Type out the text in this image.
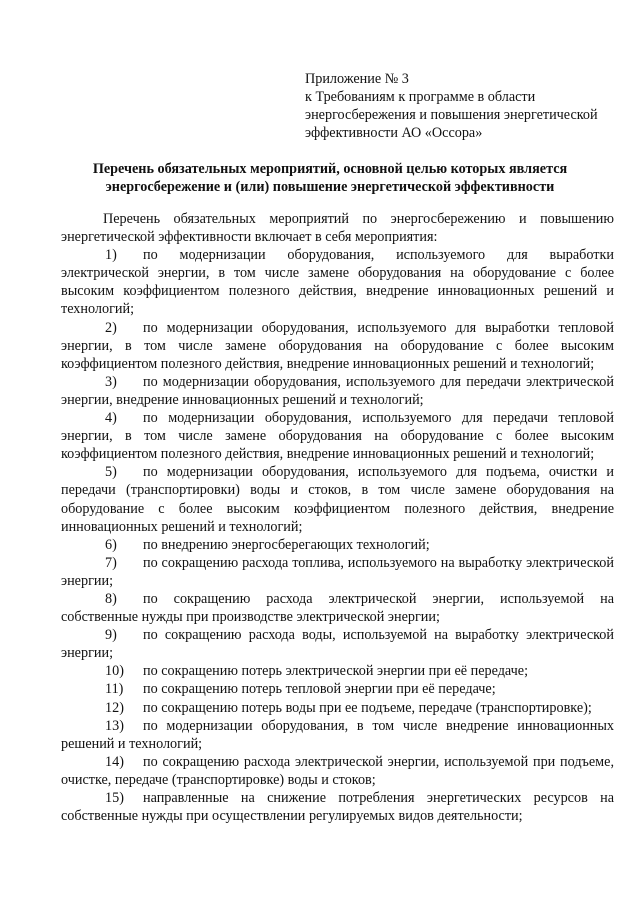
Приложение № 3
к Требованиям к программе в области
энергосбережения и повышения энергетической
эффективности АО «Оссора»
Перечень обязательных мероприятий, основной целью которых является
энергосбережение и (или) повышение энергетической эффективности

Перечень обязательных мероприятий по энергосбережению и повышению энергетической эффективности включает в себя мероприятия:

1) по модернизации оборудования, используемого для выработки электрической энергии, в том числе замене оборудования на оборудование с более высоким коэффициентом полезного действия, внедрение инновационных решений и технологий;

2) по модернизации оборудования, используемого для выработки тепловой энергии, в том числе замене оборудования на оборудование с более высоким коэффициентом полезного действия, внедрение инновационных решений и технологий;

3) по модернизации оборудования, используемого для передачи электрической энергии, внедрение инновационных решений и технологий;

4) по модернизации оборудования, используемого для передачи тепловой энергии, в том числе замене оборудования на оборудование с более высоким коэффициентом полезного действия, внедрение инновационных решений и технологий;

5) по модернизации оборудования, используемого для подъема, очистки и передачи (транспортировки) воды и стоков, в том числе замене оборудования на оборудование с более высоким коэффициентом полезного действия, внедрение инновационных решений и технологий;

6) по внедрению энергосберегающих технологий;

7) по сокращению расхода топлива, используемого на выработку электрической энергии;

8) по сокращению расхода электрической энергии, используемой на собственные нужды при производстве электрической энергии;

9) по сокращению расхода воды, используемой на выработку электрической энергии;

10) по сокращению потерь электрической энергии при её передаче;

11) по сокращению потерь тепловой энергии при её передаче;

12) по сокращению потерь воды при ее подъеме, передаче (транспортировке);

13) по модернизации оборудования, в том числе внедрение инновационных решений и технологий;

14) по сокращению расхода электрической энергии, используемой при подъеме, очистке, передаче (транспортировке) воды и стоков;

15) направленные на снижение потребления энергетических ресурсов на собственные нужды при осуществлении регулируемых видов деятельности;
